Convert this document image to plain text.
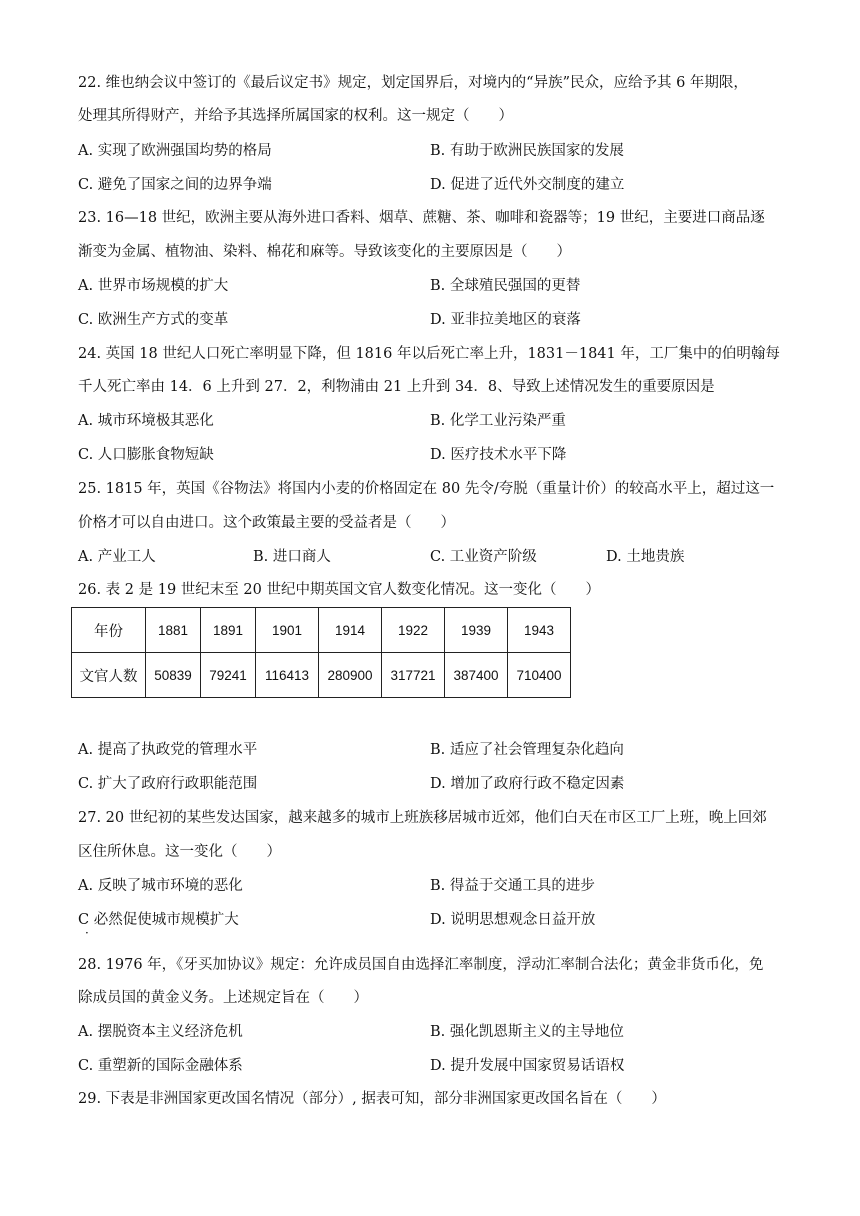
22. 维也纳会议中签订的《最后议定书》规定，划定国界后，对境内的“异族”民众，应给予其 6 年期限，
处理其所得财产，并给予其选择所属国家的权利。这一规定（　　）
A. 实现了欧洲强国均势的格局	B. 有助于欧洲民族国家的发展
C. 避免了国家之间的边界争端	D. 促进了近代外交制度的建立
23. 16—18 世纪，欧洲主要从海外进口香料、烟草、蔗糖、茶、咖啡和瓷器等；19 世纪，主要进口商品逐
渐变为金属、植物油、染料、棉花和麻等。导致该变化的主要原因是（　　）
A. 世界市场规模的扩大	B. 全球殖民强国的更替
C. 欧洲生产方式的变革	D. 亚非拉美地区的衰落
24. 英国 18 世纪人口死亡率明显下降，但 1816 年以后死亡率上升，1831－1841 年，工厂集中的伯明翰每
千人死亡率由 14．6 上升到 27．2，利物浦由 21 上升到 34．8、导致上述情况发生的重要原因是
A. 城市环境极其恶化	B. 化学工业污染严重
C. 人口膨胀食物短缺	D. 医疗技术水平下降
25. 1815 年，英国《谷物法》将国内小麦的价格固定在 80 先令/夸脱（重量计价）的较高水平上，超过这一
价格才可以自由进口。这个政策最主要的受益者是（　　）
A. 产业工人	B. 进口商人	C. 工业资产阶级	D. 土地贵族
26. 表 2 是 19 世纪末至 20 世纪中期英国文官人数变化情况。这一变化（　　）
年份	1881	1891	1901	1914	1922	1939	1943
文官人数	50839	79241	116413	280900	317721	387400	710400
A. 提高了执政党的管理水平	B. 适应了社会管理复杂化趋向
C. 扩大了政府行政职能范围	D. 增加了政府行政不稳定因素
27. 20 世纪初的某些发达国家，越来越多的城市上班族移居城市近郊，他们白天在市区工厂上班，晚上回郊
区住所休息。这一变化（　　）
A. 反映了城市环境的恶化	B. 得益于交通工具的进步
C 必然促使城市规模扩大	D. 说明思想观念日益开放
·
28. 1976 年，《牙买加协议》规定：允许成员国自由选择汇率制度，浮动汇率制合法化；黄金非货币化，免
除成员国的黄金义务。上述规定旨在（　　）
A. 摆脱资本主义经济危机	B. 强化凯恩斯主义的主导地位
C. 重塑新的国际金融体系	D. 提升发展中国家贸易话语权
29. 下表是非洲国家更改国名情况（部分）, 据表可知，部分非洲国家更改国名旨在（　　）
